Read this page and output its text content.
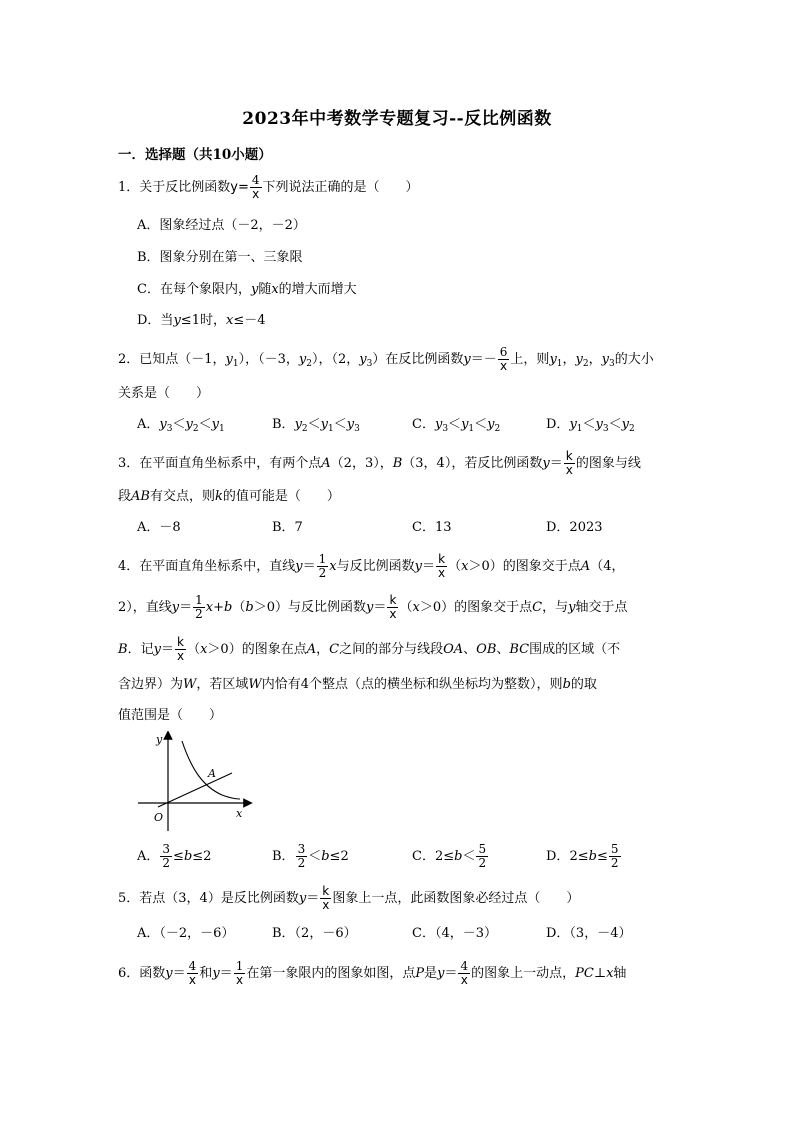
2023年中考数学专题复习--反比例函数
一．选择题（共10小题）
1．关于反比例函数$y= \frac{4}{x}$ 下列说法正确的是（　　）
A．图象经过点（－2，－2）
B．图象分别在第一、三象限
C．在每个象限内，y随x的增大而增大
D．当y≤1时，x≤－4
2．已知点（－1，$y_1$），（－3，$y_2$），（2，$y_3$）在反比例函数$y=- \frac{6}{x}$ 上，则$y_1$，$y_2$，$y_3$的大小
关系是（　　）
A．$y_3<y_2<y_1$	B．$y_2<y_1<y_3$	C．$y_3<y_1<y_2$	D．$y_1<y_3<y_2$
3．在平面直角坐标系中，有两个点A（2，3），B（3，4），若反比例函数$y= \frac{k}{x}$ 的图象与线
段AB有交点，则k的值可能是（　　）
A．－8	B．7	C．13	D．2023
4．在平面直角坐标系中，直线$y= \frac{1}{2}$ x与反比例函数$y= \frac{k}{x} (x>0)$的图象交于点A（4，
2），直线$y= \frac{1}{2} x+b(b>0)$与反比例函数$y= \frac{k}{x} (x>0)$的图象交于点C，与y轴交于点
B．记$y= \frac{k}{x} (x>0)$的图象在点A，C之间的部分与线段OA、OB、BC围成的区域（不
含边界）为W，若区域W内恰有4个整点（点的横坐标和纵坐标均为整数），则b的取
值范围是（　　）
y
x
O
A
A． $\frac{3}{2} \le b\le 2$	B． $\frac{3}{2} <b\le 2$	C．$2\le b< \frac{5}{2}$	D．$2\le b\le \frac{5}{2}$
5．若点（3，4）是反比例函数$y= \frac{k}{x}$ 图象上一点，此函数图象必经过点（　　）
A．（－2，－6）	B．（2，－6）	C．（4，－3）	D．（3，－4）
6．函数$y= \frac{4}{x}$ 和$y= \frac{1}{x}$ 在第一象限内的图象如图，点P是$y= \frac{4}{x}$ 的图象上一动点，PC⊥x轴
